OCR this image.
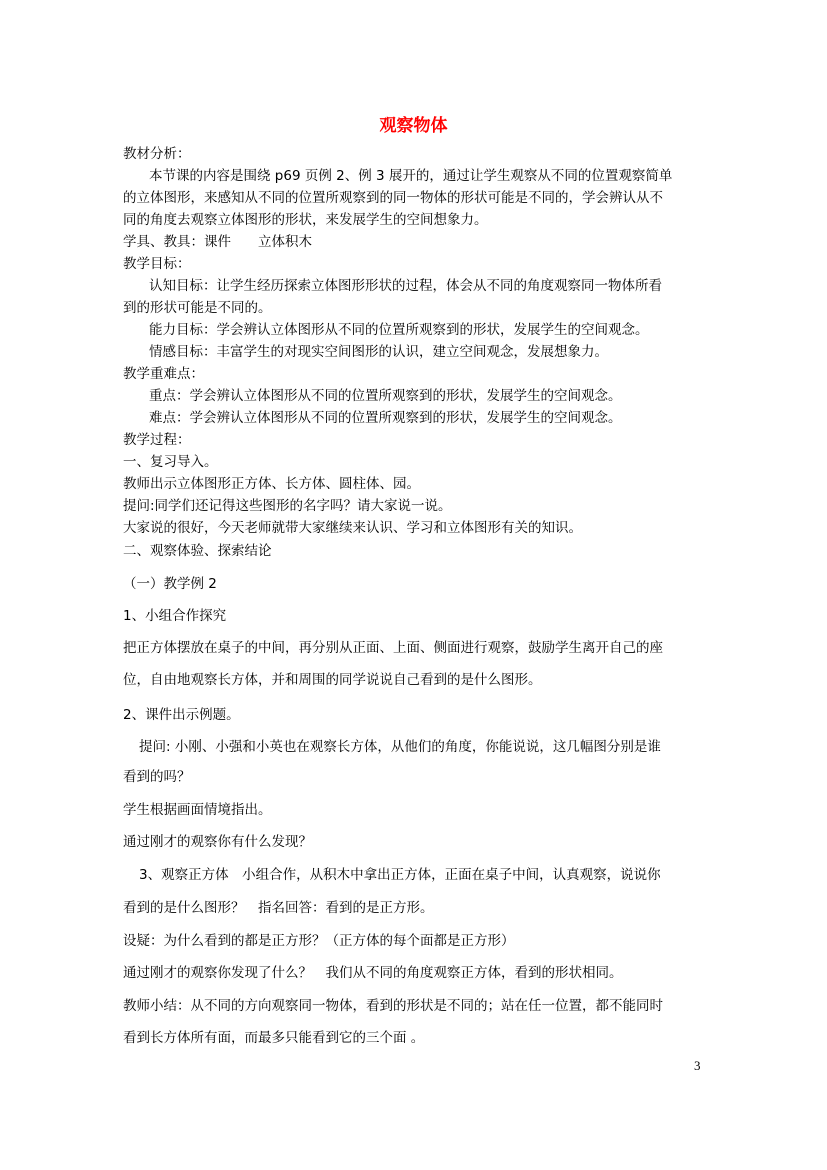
观察物体

教材分析：

本节课的内容是围绕 p69 页例 2、例 3 展开的，通过让学生观察从不同的位置观察简单

的立体图形，来感知从不同的位置所观察到的同一物体的形状可能是不同的，学会辨认从不

同的角度去观察立体图形的形状，来发展学生的空间想象力。

学具、教具：课件　　立体积木

教学目标：

认知目标：让学生经历探索立体图形形状的过程，体会从不同的角度观察同一物体所看

到的形状可能是不同的。

能力目标：学会辨认立体图形从不同的位置所观察到的形状，发展学生的空间观念。

情感目标：丰富学生的对现实空间图形的认识，建立空间观念，发展想象力。

教学重难点：

重点：学会辨认立体图形从不同的位置所观察到的形状，发展学生的空间观念。

难点：学会辨认立体图形从不同的位置所观察到的形状，发展学生的空间观念。

教学过程：

一、复习导入。

教师出示立体图形正方体、长方体、圆柱体、园。

提问:同学们还记得这些图形的名字吗？请大家说一说。

大家说的很好，今天老师就带大家继续来认识、学习和立体图形有关的知识。

二、观察体验、探索结论

（一）教学例 2

1、小组合作探究

把正方体摆放在桌子的中间，再分别从正面、上面、侧面进行观察，鼓励学生离开自己的座

位，自由地观察长方体，并和周围的同学说说自己看到的是什么图形。

2、课件出示例题。

提问: 小刚、小强和小英也在观察长方体，从他们的角度，你能说说，这几幅图分别是谁

看到的吗？

学生根据画面情境指出。

通过刚才的观察你有什么发现？

3、观察正方体　小组合作，从积木中拿出正方体，正面在桌子中间，认真观察，说说你

看到的是什么图形？　指名回答：看到的是正方形。

设疑：为什么看到的都是正方形？（正方体的每个面都是正方形）

通过刚才的观察你发现了什么？　我们从不同的角度观察正方体，看到的形状相同。

教师小结：从不同的方向观察同一物体，看到的形状是不同的；站在任一位置，都不能同时

看到长方体所有面，而最多只能看到它的三个面 。

3
